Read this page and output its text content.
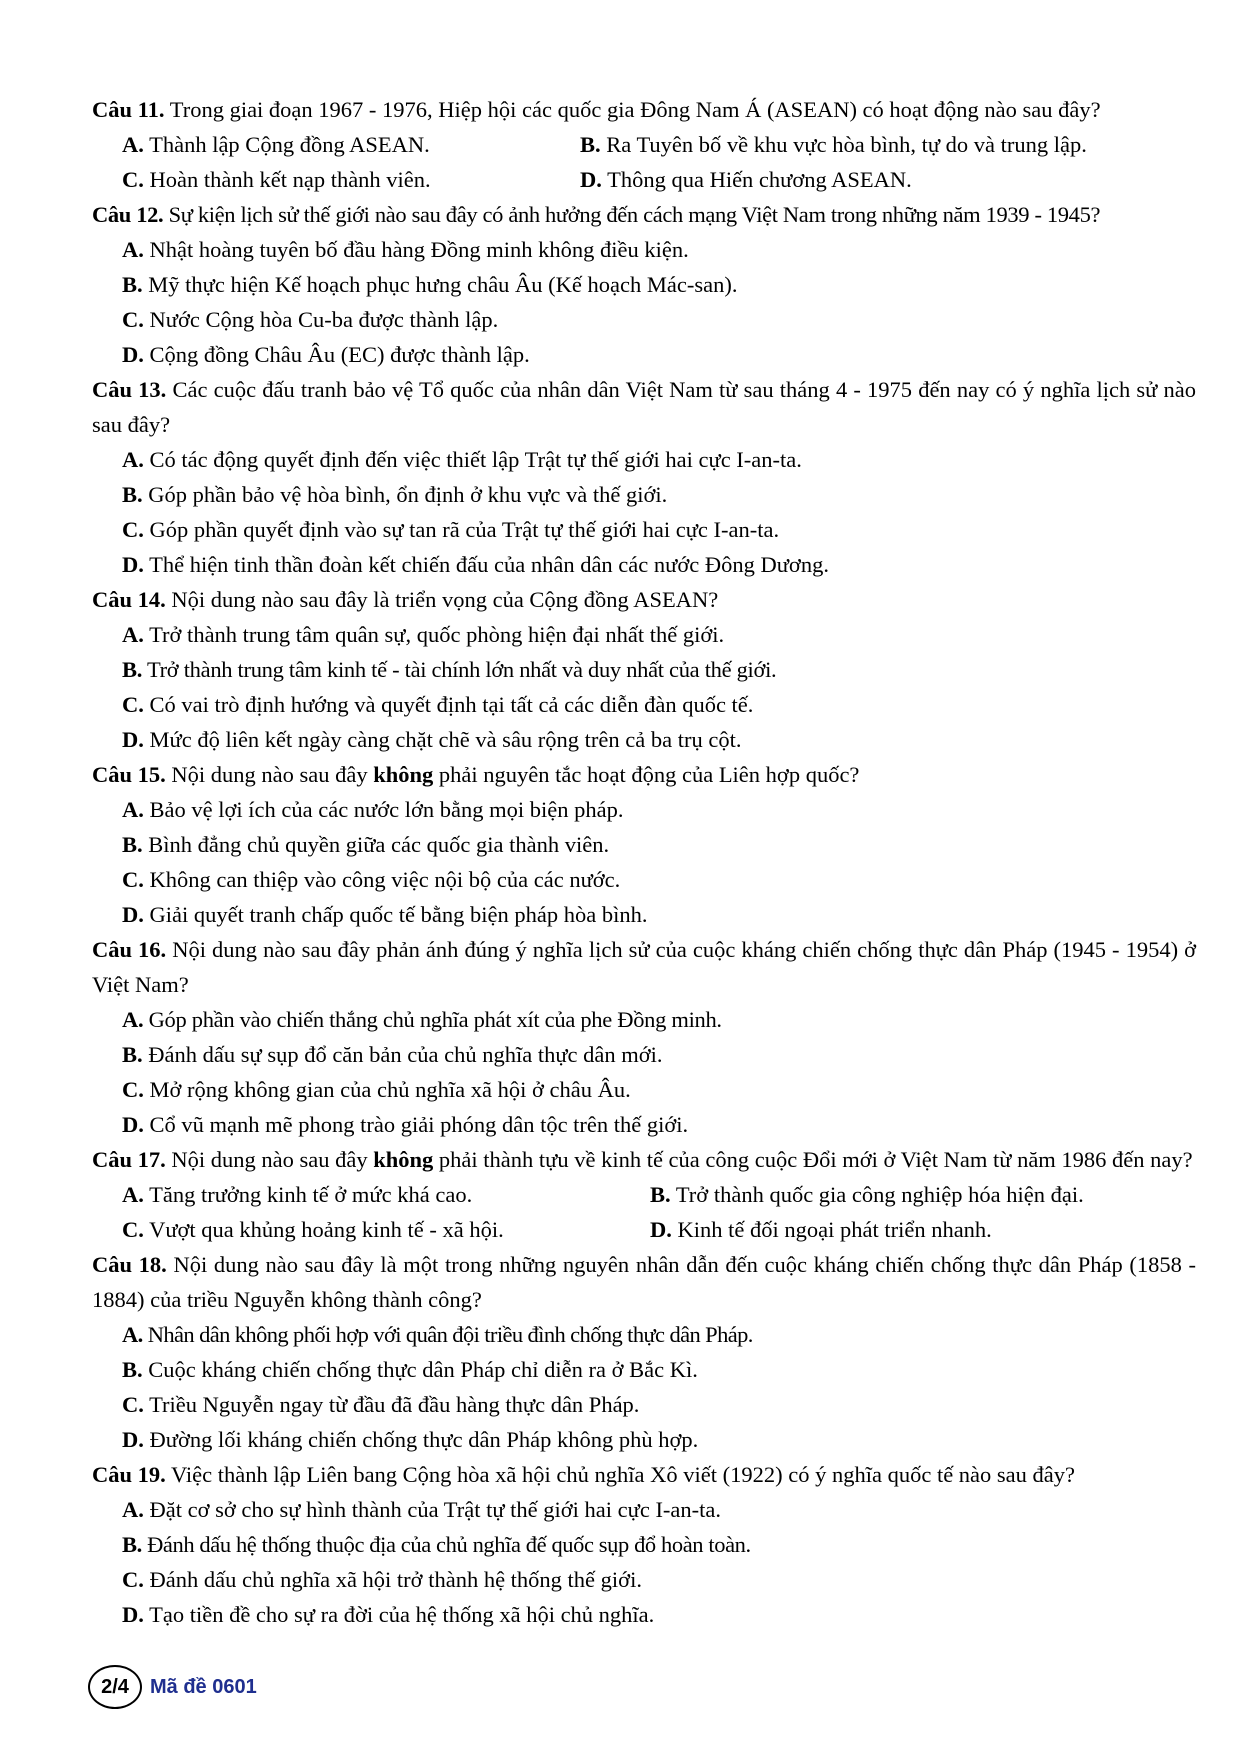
Câu 11. Trong giai đoạn 1967 - 1976, Hiệp hội các quốc gia Đông Nam Á (ASEAN) có hoạt động nào sau đây?
A. Thành lập Cộng đồng ASEAN.	B. Ra Tuyên bố về khu vực hòa bình, tự do và trung lập.
C. Hoàn thành kết nạp thành viên.	D. Thông qua Hiến chương ASEAN.
Câu 12. Sự kiện lịch sử thế giới nào sau đây có ảnh hưởng đến cách mạng Việt Nam trong những năm 1939 - 1945?
A. Nhật hoàng tuyên bố đầu hàng Đồng minh không điều kiện.
B. Mỹ thực hiện Kế hoạch phục hưng châu Âu (Kế hoạch Mác-san).
C. Nước Cộng hòa Cu-ba được thành lập.
D. Cộng đồng Châu Âu (EC) được thành lập.
Câu 13. Các cuộc đấu tranh bảo vệ Tổ quốc của nhân dân Việt Nam từ sau tháng 4 - 1975 đến nay có ý nghĩa lịch sử nào sau đây?
A. Có tác động quyết định đến việc thiết lập Trật tự thế giới hai cực I-an-ta.
B. Góp phần bảo vệ hòa bình, ổn định ở khu vực và thế giới.
C. Góp phần quyết định vào sự tan rã của Trật tự thế giới hai cực I-an-ta.
D. Thể hiện tinh thần đoàn kết chiến đấu của nhân dân các nước Đông Dương.
Câu 14. Nội dung nào sau đây là triển vọng của Cộng đồng ASEAN?
A. Trở thành trung tâm quân sự, quốc phòng hiện đại nhất thế giới.
B. Trở thành trung tâm kinh tế - tài chính lớn nhất và duy nhất của thế giới.
C. Có vai trò định hướng và quyết định tại tất cả các diễn đàn quốc tế.
D. Mức độ liên kết ngày càng chặt chẽ và sâu rộng trên cả ba trụ cột.
Câu 15. Nội dung nào sau đây không phải nguyên tắc hoạt động của Liên hợp quốc?
A. Bảo vệ lợi ích của các nước lớn bằng mọi biện pháp.
B. Bình đẳng chủ quyền giữa các quốc gia thành viên.
C. Không can thiệp vào công việc nội bộ của các nước.
D. Giải quyết tranh chấp quốc tế bằng biện pháp hòa bình.
Câu 16. Nội dung nào sau đây phản ánh đúng ý nghĩa lịch sử của cuộc kháng chiến chống thực dân Pháp (1945 - 1954) ở Việt Nam?
A. Góp phần vào chiến thắng chủ nghĩa phát xít của phe Đồng minh.
B. Đánh dấu sự sụp đổ căn bản của chủ nghĩa thực dân mới.
C. Mở rộng không gian của chủ nghĩa xã hội ở châu Âu.
D. Cổ vũ mạnh mẽ phong trào giải phóng dân tộc trên thế giới.
Câu 17. Nội dung nào sau đây không phải thành tựu về kinh tế của công cuộc Đổi mới ở Việt Nam từ năm 1986 đến nay?
A. Tăng trưởng kinh tế ở mức khá cao.	B. Trở thành quốc gia công nghiệp hóa hiện đại.
C. Vượt qua khủng hoảng kinh tế - xã hội.	D. Kinh tế đối ngoại phát triển nhanh.
Câu 18. Nội dung nào sau đây là một trong những nguyên nhân dẫn đến cuộc kháng chiến chống thực dân Pháp (1858 - 1884) của triều Nguyễn không thành công?
A. Nhân dân không phối hợp với quân đội triều đình chống thực dân Pháp.
B. Cuộc kháng chiến chống thực dân Pháp chỉ diễn ra ở Bắc Kì.
C. Triều Nguyễn ngay từ đầu đã đầu hàng thực dân Pháp.
D. Đường lối kháng chiến chống thực dân Pháp không phù hợp.
Câu 19. Việc thành lập Liên bang Cộng hòa xã hội chủ nghĩa Xô viết (1922) có ý nghĩa quốc tế nào sau đây?
A. Đặt cơ sở cho sự hình thành của Trật tự thế giới hai cực I-an-ta.
B. Đánh dấu hệ thống thuộc địa của chủ nghĩa đế quốc sụp đổ hoàn toàn.
C. Đánh dấu chủ nghĩa xã hội trở thành hệ thống thế giới.
D. Tạo tiền đề cho sự ra đời của hệ thống xã hội chủ nghĩa.
2/4	Mã đề 0601
